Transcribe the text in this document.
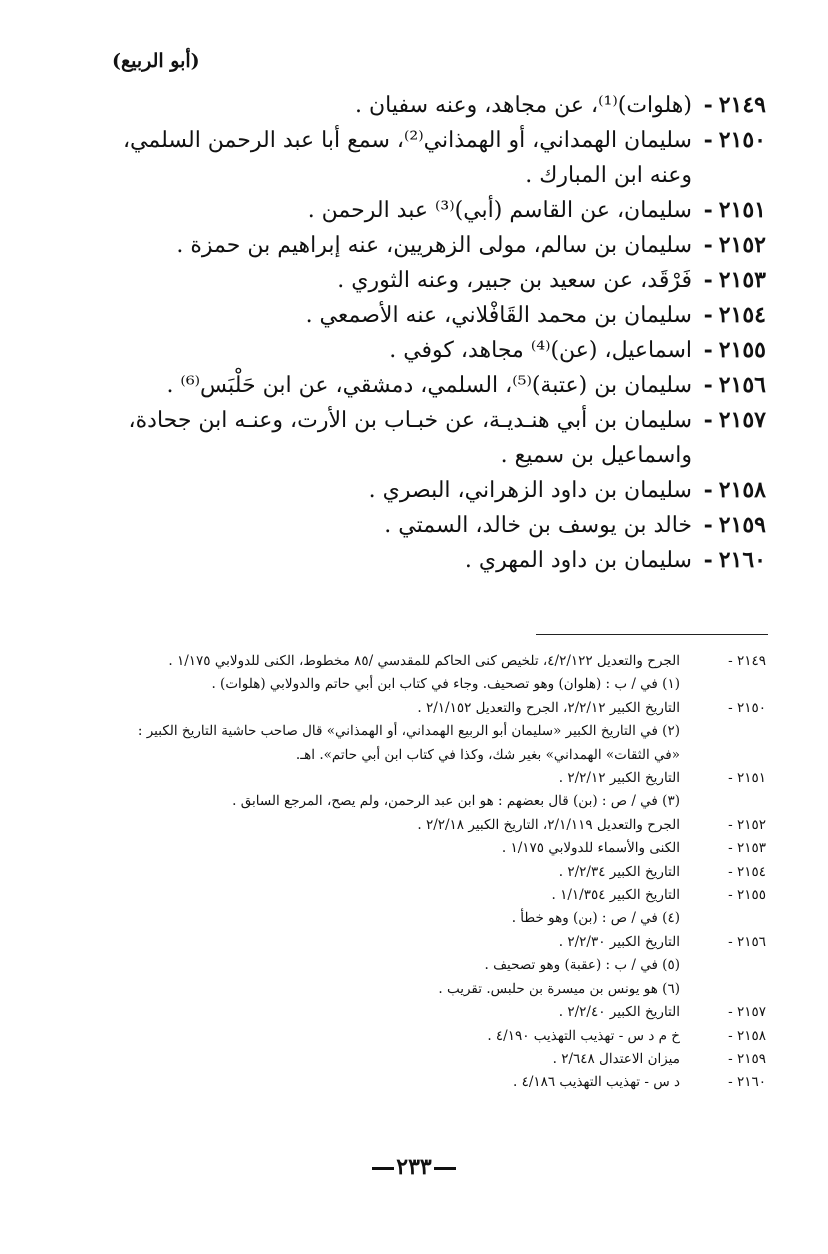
(أبو الربيع)
٢١٤٩-
(هلوات)⁽¹⁾، عن مجاهد، وعنه سفيان .
٢١٥٠-
سليمان الهمداني، أو الهمذاني⁽²⁾، سمع أبا عبد الرحمن السلمي، وعنه ابن المبارك .
٢١٥١-
سليمان، عن القاسم (أبي)⁽³⁾ عبد الرحمن .
٢١٥٢-
سليمان بن سالم، مولى الزهريين، عنه إبراهيم بن حمزة .
٢١٥٣-
فَرْقَد، عن سعيد بن جبير، وعنه الثوري .
٢١٥٤-
سليمان بن محمد القَافْلاني، عنه الأصمعي .
٢١٥٥-
اسماعيل، (عن)⁽⁴⁾ مجاهد، كوفي .
٢١٥٦-
سليمان بن (عتبة)⁽⁵⁾، السلمي، دمشقي، عن ابن حَلْبَس⁽⁶⁾ .
٢١٥٧-
سليمان بن أبي هنـديـة، عن خبـاب بن الأرت، وعنـه ابن جحادة، واسماعيل بن سميع .
٢١٥٨-
سليمان بن داود الزهراني، البصري .
٢١٥٩-
خالد بن يوسف بن خالد، السمتي .
٢١٦٠-
سليمان بن داود المهري .
٢١٤٩ -
الجرح والتعديل ٤/٢/١٢٢، تلخيص كنى الحاكم للمقدسي /٨٥ مخطوط، الكنى للدولابي ١/١٧٥ .
(١) في / ب : (هلوان) وهو تصحيف. وجاء في كتاب ابن أبي حاتم والدولابي (هلوات) .
٢١٥٠ -
التاريخ الكبير ٢/٢/١٢، الجرح والتعديل ٢/١/١٥٢ .
(٢) في التاريخ الكبير «سليمان أبو الربيع الهمداني، أو الهمذاني» قال صاحب حاشية التاريخ الكبير : «في الثقات» الهمداني» بغير شك، وكذا في كتاب ابن أبي حاتم». اهـ.
٢١٥١ -
التاريخ الكبير ٢/٢/١٢ .
(٣) في / ص : (بن) قال بعضهم : هو ابن عبد الرحمن، ولم يصح، المرجع السابق .
٢١٥٢ -
الجرح والتعديل ٢/١/١١٩، التاريخ الكبير ٢/٢/١٨ .
٢١٥٣ -
الكنى والأسماء للدولابي ١/١٧٥ .
٢١٥٤ -
التاريخ الكبير ٢/٢/٣٤ .
٢١٥٥ -
التاريخ الكبير ١/١/٣٥٤ .
(٤) في / ص : (بن) وهو خطأ .
٢١٥٦ -
التاريخ الكبير ٢/٢/٣٠ .
(٥) في / ب : (عقبة) وهو تصحيف .
(٦) هو يونس بن ميسرة بن حلبس. تقريب .
٢١٥٧ -
التاريخ الكبير ٢/٢/٤٠ .
٢١٥٨ -
خ م د س - تهذيب التهذيب ٤/١٩٠ .
٢١٥٩ -
ميزان الاعتدال ٢/٦٤٨ .
٢١٦٠ -
د س - تهذيب التهذيب ٤/١٨٦ .
٢٣٣
